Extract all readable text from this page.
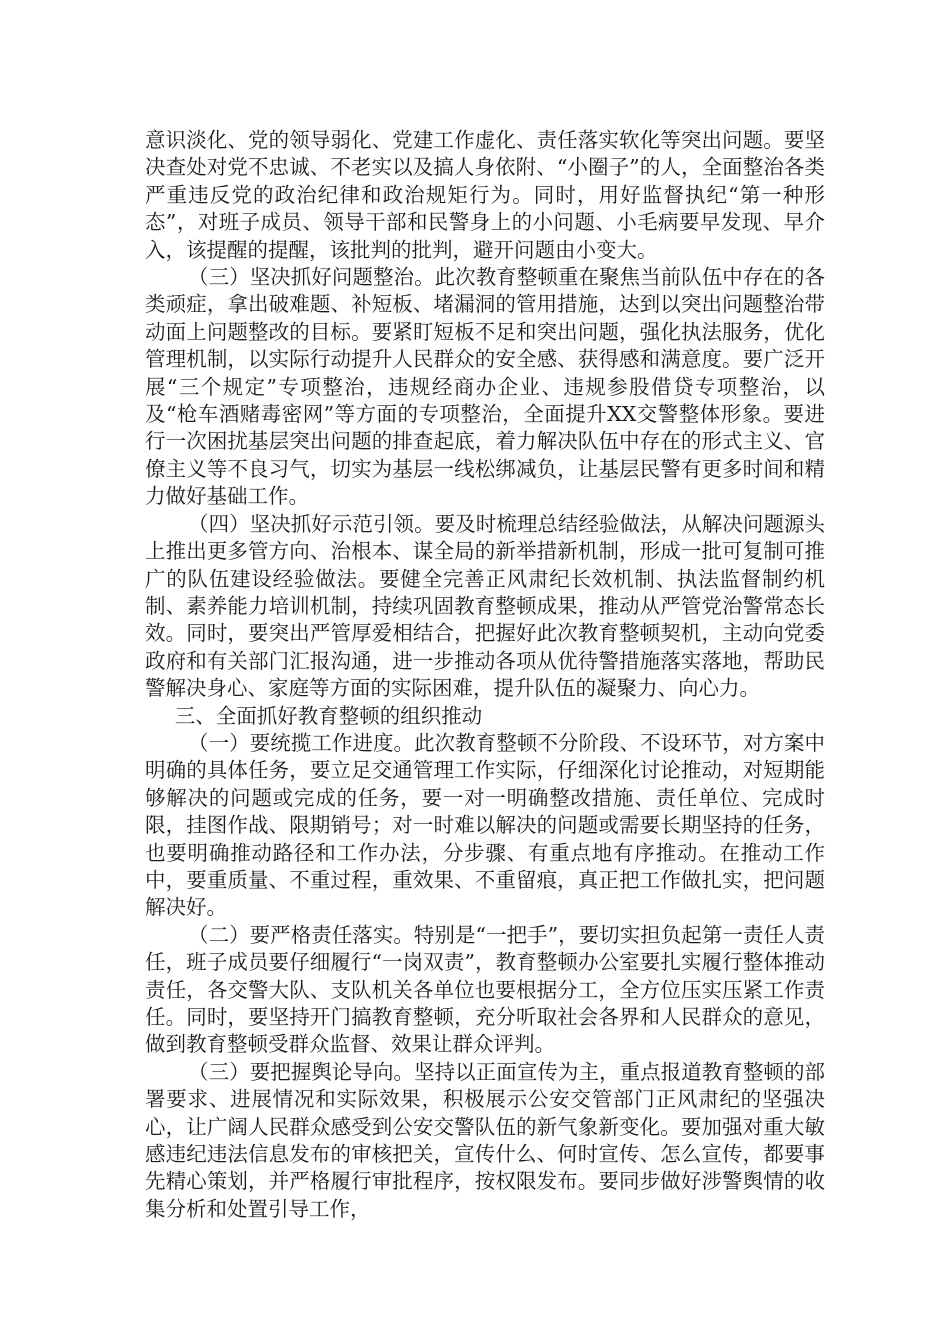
意识淡化、党的领导弱化、党建工作虚化、责任落实软化等突出问题。要坚决查处对党不忠诚、不老实以及搞人身依附、“小圈子”的人，全面整治各类严重违反党的政治纪律和政治规矩行为。同时，用好监督执纪“第一种形态”，对班子成员、领导干部和民警身上的小问题、小毛病要早发现、早介入，该提醒的提醒，该批判的批判，避开问题由小变大。

（三）坚决抓好问题整治。此次教育整顿重在聚焦当前队伍中存在的各类顽症，拿出破难题、补短板、堵漏洞的管用措施，达到以突出问题整治带动面上问题整改的目标。要紧盯短板不足和突出问题，强化执法服务，优化管理机制，以实际行动提升人民群众的安全感、获得感和满意度。要广泛开展“三个规定”专项整治，违规经商办企业、违规参股借贷专项整治，以及“枪车酒赌毒密网”等方面的专项整治，全面提升XX交警整体形象。要进行一次困扰基层突出问题的排查起底，着力解决队伍中存在的形式主义、官僚主义等不良习气，切实为基层一线松绑减负，让基层民警有更多时间和精力做好基础工作。

（四）坚决抓好示范引领。要及时梳理总结经验做法，从解决问题源头上推出更多管方向、治根本、谋全局的新举措新机制，形成一批可复制可推广的队伍建设经验做法。要健全完善正风肃纪长效机制、执法监督制约机制、素养能力培训机制，持续巩固教育整顿成果，推动从严管党治警常态长效。同时，要突出严管厚爱相结合，把握好此次教育整顿契机，主动向党委政府和有关部门汇报沟通，进一步推动各项从优待警措施落实落地，帮助民警解决身心、家庭等方面的实际困难，提升队伍的凝聚力、向心力。

三、全面抓好教育整顿的组织推动

（一）要统揽工作进度。此次教育整顿不分阶段、不设环节，对方案中明确的具体任务，要立足交通管理工作实际，仔细深化讨论推动，对短期能够解决的问题或完成的任务，要一对一明确整改措施、责任单位、完成时限，挂图作战、限期销号；对一时难以解决的问题或需要长期坚持的任务，也要明确推动路径和工作办法，分步骤、有重点地有序推动。在推动工作中，要重质量、不重过程，重效果、不重留痕，真正把工作做扎实，把问题解决好。

（二）要严格责任落实。特别是“一把手”，要切实担负起第一责任人责任，班子成员要仔细履行“一岗双责”，教育整顿办公室要扎实履行整体推动责任，各交警大队、支队机关各单位也要根据分工，全方位压实压紧工作责任。同时，要坚持开门搞教育整顿，充分听取社会各界和人民群众的意见，做到教育整顿受群众监督、效果让群众评判。

（三）要把握舆论导向。坚持以正面宣传为主，重点报道教育整顿的部署要求、进展情况和实际效果，积极展示公安交管部门正风肃纪的坚强决心，让广阔人民群众感受到公安交警队伍的新气象新变化。要加强对重大敏感违纪违法信息发布的审核把关，宣传什么、何时宣传、怎么宣传，都要事先精心策划，并严格履行审批程序，按权限发布。要同步做好涉警舆情的收集分析和处置引导工作，
